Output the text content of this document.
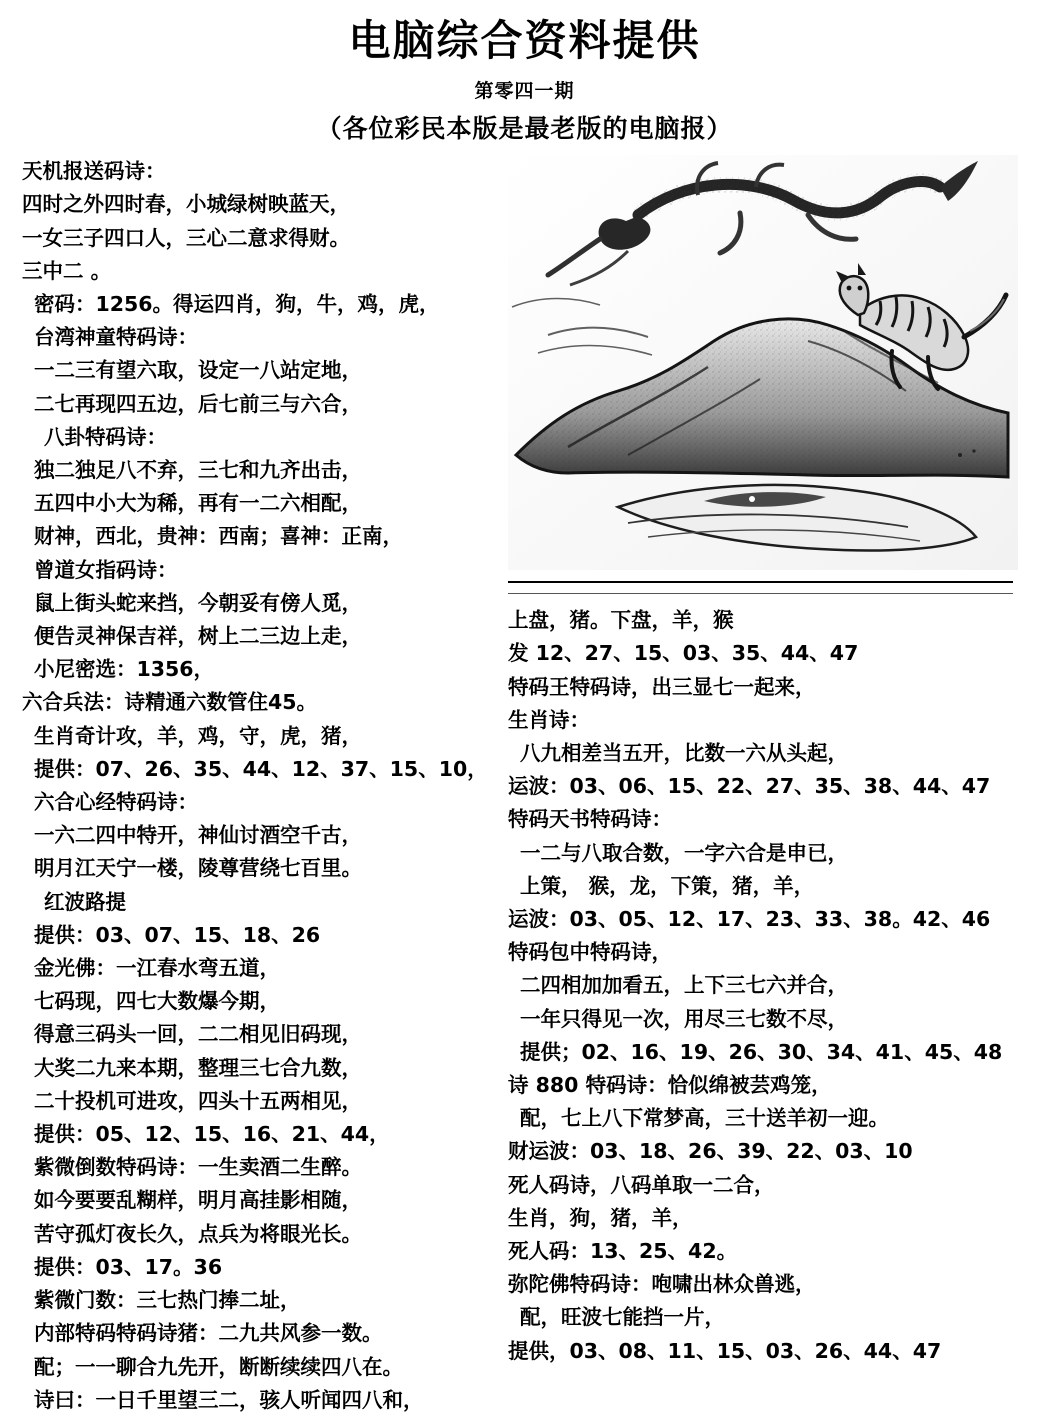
电脑综合资料提供
第零四一期
（各位彩民本版是最老版的电脑报）
天机报送码诗：
四时之外四时春，小城绿树映蓝天，
一女三子四口人，三心二意求得财。
三中二 。
密码：1256。得运四肖，狗，牛，鸡，虎，
台湾神童特码诗：
一二三有望六取，设定一八站定地，
二七再现四五边，后七前三与六合，
八卦特码诗：
独二独足八不弃，三七和九齐出击，
五四中小大为稀，再有一二六相配，
财神，西北，贵神：西南；喜神：正南，
曾道女指码诗：
鼠上街头蛇来挡，今朝妥有傍人觅，
便告灵神保吉祥，树上二三边上走，
小尼密选：1356，
六合兵法：诗精通六数管住45。
生肖奇计攻，羊，鸡，守，虎，猪，
提供：07、26、35、44、12、37、15、10，
六合心经特码诗：
一六二四中特开，神仙讨酒空千古，
明月江天宁一楼，陵尊营绕七百里。
红波路提
提供：03、07、15、18、26
金光佛：一江春水弯五道，
七码现，四七大数爆今期，
得意三码头一回，二二相见旧码现，
大奖二九来本期，整理三七合九数，
二十投机可进攻，四头十五两相见，
提供：05、12、15、16、21、44，
紫微倒数特码诗：一生卖酒二生醉。
如今要要乱糊样，明月高挂影相随，
苦守孤灯夜长久，点兵为将眼光长。
提供：03、17。36
紫微门数：三七热门捧二址，
内部特码特码诗猪：二九共风参一数。
配；一一聊合九先开，断断续续四八在。
诗曰：一日千里望三二，骇人听闻四八和，
上盘，猪。下盘，羊，猴
发 12、27、15、03、35、44、47
特码王特码诗，出三显七一起来，
生肖诗：
八九相差当五开，比数一六从头起，
运波：03、06、15、22、27、35、38、44、47
特码天书特码诗：
一二与八取合数，一字六合是申已，
上策， 猴，龙，下策，猪，羊，
运波：03、05、12、17、23、33、38。42、46
特码包中特码诗，
二四相加加看五，上下三七六并合，
一年只得见一次，用尽三七数不尽，
提供；02、16、19、26、30、34、41、45、48
诗 880 特码诗：恰似绵被芸鸡笼，
配，七上八下常梦高，三十送羊初一迎。
财运波：03、18、26、39、22、03、10
死人码诗，八码单取一二合，
生肖，狗，猪，羊，
死人码：13、25、42。
弥陀佛特码诗：咆啸出林众兽逃，
配，旺波七能挡一片，
提供，03、08、11、15、03、26、44、47
